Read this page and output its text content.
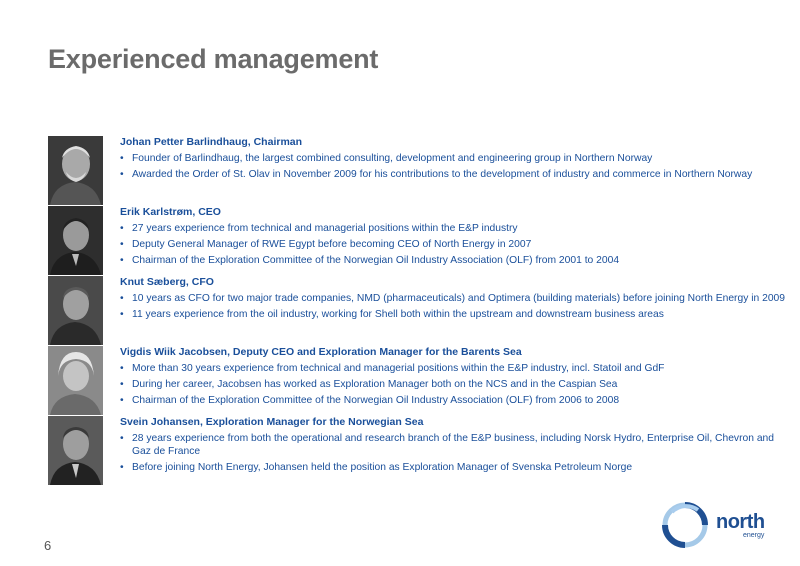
Experienced management
Johan Petter Barlindhaug, Chairman
• Founder of Barlindhaug, the largest combined consulting, development and engineering group in Northern Norway
• Awarded the Order of St. Olav in November 2009 for his contributions to the development of industry and commerce in Northern Norway
Erik Karlstrøm, CEO
• 27 years experience from technical and managerial positions within the E&P industry
• Deputy General Manager of RWE Egypt before becoming CEO of North Energy in 2007
• Chairman of the Exploration Committee of the Norwegian Oil Industry Association (OLF) from 2001 to 2004
Knut Sæberg, CFO
• 10 years as CFO for two major trade companies, NMD (pharmaceuticals) and Optimera (building materials) before joining North Energy in 2009
• 11 years experience from the oil industry, working for Shell both within the upstream and downstream business areas
Vigdis Wiik Jacobsen, Deputy CEO and Exploration Manager for the Barents Sea
• More than 30 years experience from technical and managerial positions within the E&P industry, incl. Statoil and GdF
• During her career, Jacobsen has worked as Exploration Manager both on the NCS and in the Caspian Sea
• Chairman of the Exploration Committee of the Norwegian Oil Industry Association (OLF) from 2006 to 2008
Svein Johansen, Exploration Manager for the Norwegian Sea
• 28 years experience from both the operational and research branch of the E&P business, including Norsk Hydro, Enterprise Oil, Chevron and Gaz de France
• Before joining North Energy, Johansen held the position as Exploration Manager of Svenska Petroleum Norge
6
north
energy
